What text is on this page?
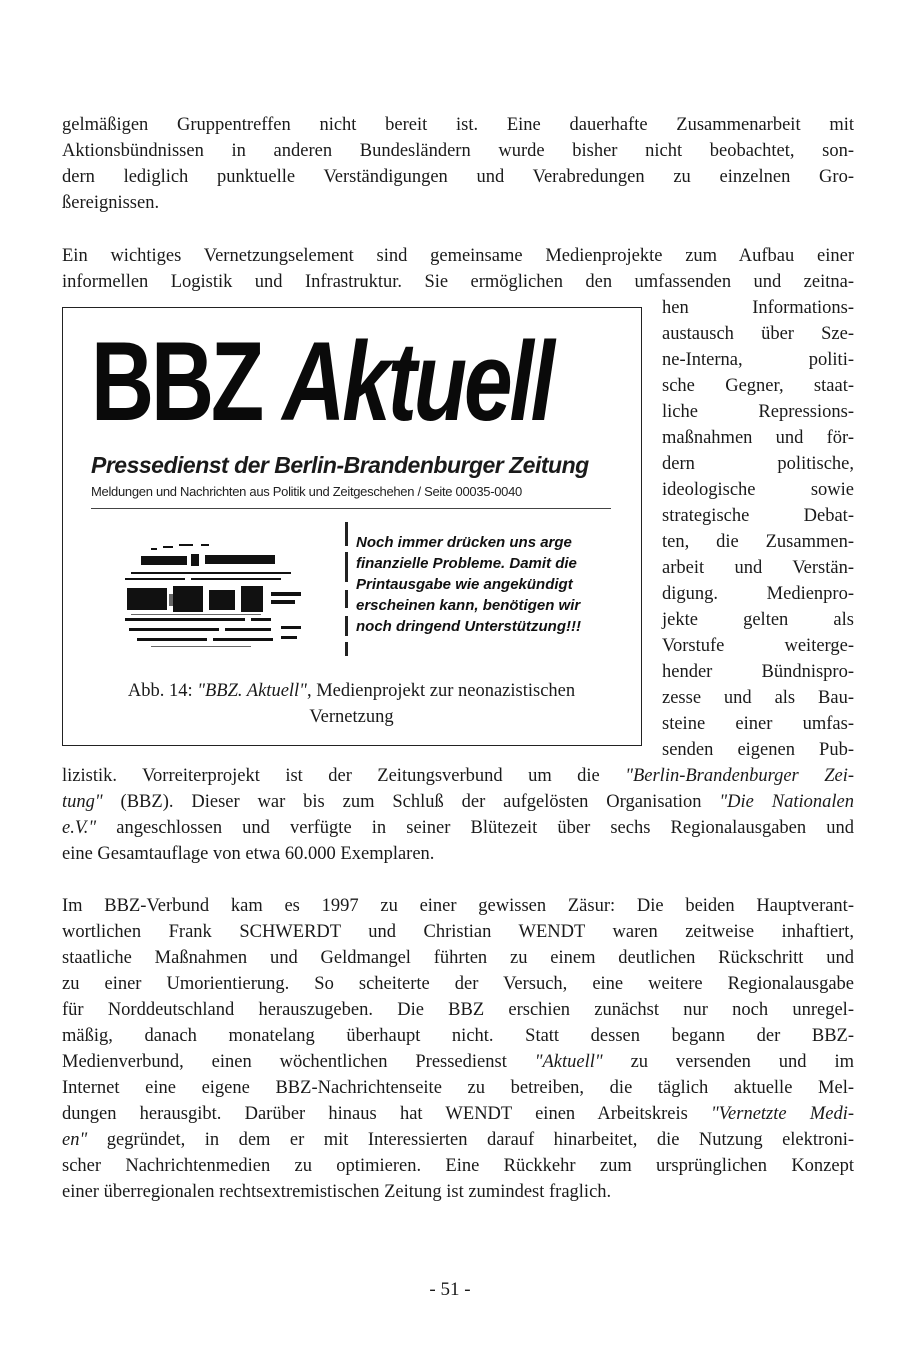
gelmäßigen Gruppentreffen nicht bereit ist. Eine dauerhafte Zusammenarbeit mit
Aktionsbündnissen in anderen Bundesländern wurde bisher nicht beobachtet, son-
dern lediglich punktuelle Verständigungen und Verabredungen zu einzelnen Gro-
ßereignissen.

Ein wichtiges Vernetzungselement sind gemeinsame Medienprojekte zum Aufbau einer
informellen Logistik und Infrastruktur. Sie ermöglichen den umfassenden und zeitna-

hen Informations-
austausch über Sze-
ne-Interna, politi-
sche Gegner, staat-
liche Repressions-
maßnahmen und för-
dern politische,
ideologische sowie
strategische Debat-
ten, die Zusammen-
arbeit und Verstän-
digung. Medienpro-
jekte gelten als
Vorstufe weiterge-
hender Bündnispro-
zesse und als Bau-
steine einer umfas-
senden eigenen Pub-

BBZ Aktuell
Pressedienst der Berlin-Brandenburger Zeitung
Meldungen und Nachrichten aus Politik und Zeitgeschehen / Seite 00035-0040
Noch immer drücken uns arge
finanzielle Probleme. Damit die
Printausgabe wie angekündigt
erscheinen kann, benötigen wir
noch dringend Unterstützung!!!
Abb. 14: "BBZ. Aktuell", Medienprojekt zur neonazistischen
Vernetzung

lizistik. Vorreiterprojekt ist der Zeitungsverbund um die "Berlin-Brandenburger Zei-
tung" (BBZ). Dieser war bis zum Schluß der aufgelösten Organisation "Die Nationalen
e.V." angeschlossen und verfügte in seiner Blütezeit über sechs Regionalausgaben und
eine Gesamtauflage von etwa 60.000 Exemplaren.

Im BBZ-Verbund kam es 1997 zu einer gewissen Zäsur: Die beiden Hauptverant-
wortlichen Frank SCHWERDT und Christian WENDT waren zeitweise inhaftiert,
staatliche Maßnahmen und Geldmangel führten zu einem deutlichen Rückschritt und
zu einer Umorientierung. So scheiterte der Versuch, eine weitere Regionalausgabe
für Norddeutschland herauszugeben. Die BBZ erschien zunächst nur noch unregel-
mäßig, danach monatelang überhaupt nicht. Statt dessen begann der BBZ-
Medienverbund, einen wöchentlichen Pressedienst "Aktuell" zu versenden und im
Internet eine eigene BBZ-Nachrichtenseite zu betreiben, die täglich aktuelle Mel-
dungen herausgibt. Darüber hinaus hat WENDT einen Arbeitskreis "Vernetzte Medi-
en" gegründet, in dem er mit Interessierten darauf hinarbeitet, die Nutzung elektroni-
scher Nachrichtenmedien zu optimieren. Eine Rückkehr zum ursprünglichen Konzept
einer überregionalen rechtsextremistischen Zeitung ist zumindest fraglich.

- 51 -
